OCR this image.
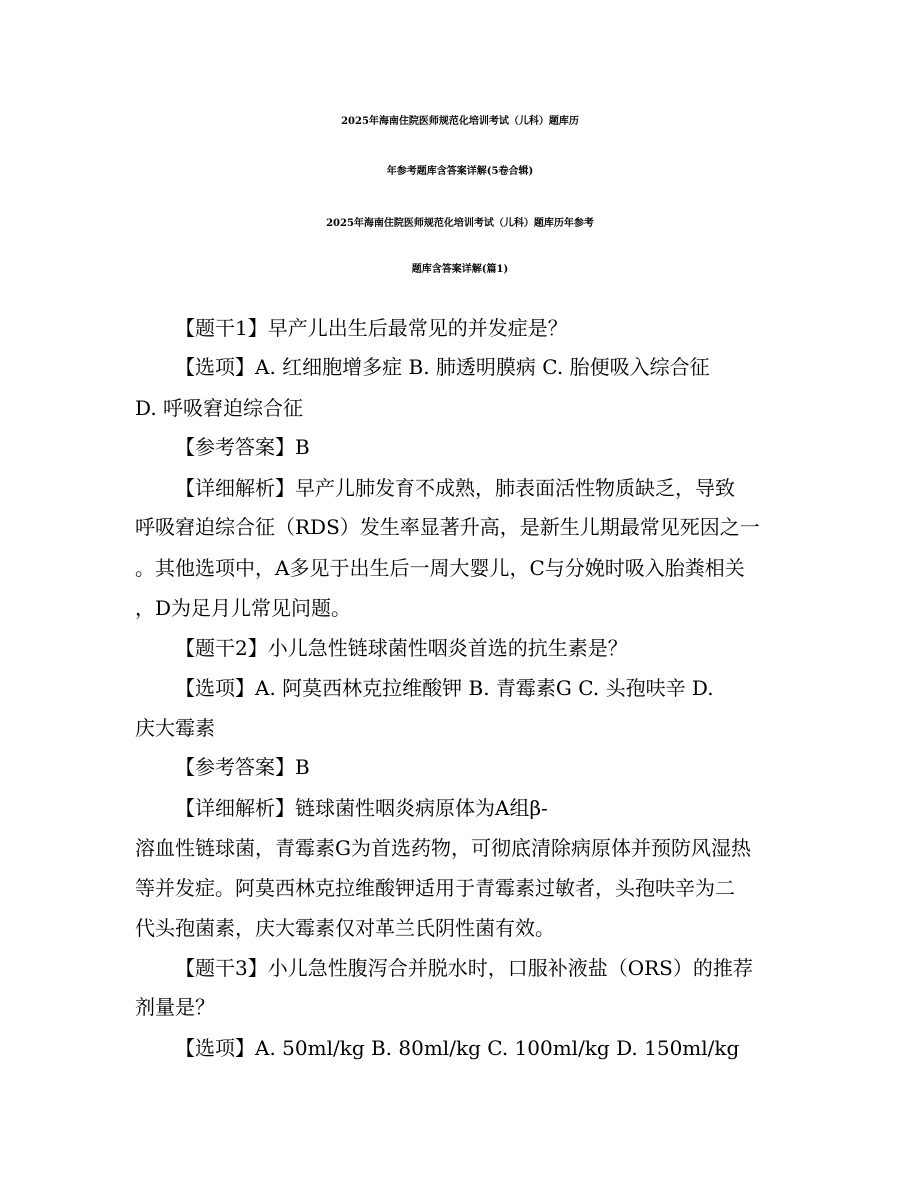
2025年海南住院医师规范化培训考试（儿科）题库历
年参考题库含答案详解(5卷合辑)
2025年海南住院医师规范化培训考试（儿科）题库历年参考
题库含答案详解(篇1)
【题干1】早产儿出生后最常见的并发症是？
【选项】A. 红细胞增多症 B. 肺透明膜病 C. 胎便吸入综合征
D. 呼吸窘迫综合征
【参考答案】B
【详细解析】早产儿肺发育不成熟，肺表面活性物质缺乏，导致
呼吸窘迫综合征（RDS）发生率显著升高，是新生儿期最常见死因之一
。其他选项中，A多见于出生后一周大婴儿，C与分娩时吸入胎粪相关
，D为足月儿常见问题。
【题干2】小儿急性链球菌性咽炎首选的抗生素是？
【选项】A. 阿莫西林克拉维酸钾 B. 青霉素G C. 头孢呋辛 D.
庆大霉素
【参考答案】B
【详细解析】链球菌性咽炎病原体为A组β-
溶血性链球菌，青霉素G为首选药物，可彻底清除病原体并预防风湿热
等并发症。阿莫西林克拉维酸钾适用于青霉素过敏者，头孢呋辛为二
代头孢菌素，庆大霉素仅对革兰氏阴性菌有效。
【题干3】小儿急性腹泻合并脱水时，口服补液盐（ORS）的推荐
剂量是？
【选项】A. 50ml/kg B. 80ml/kg C. 100ml/kg D. 150ml/kg
